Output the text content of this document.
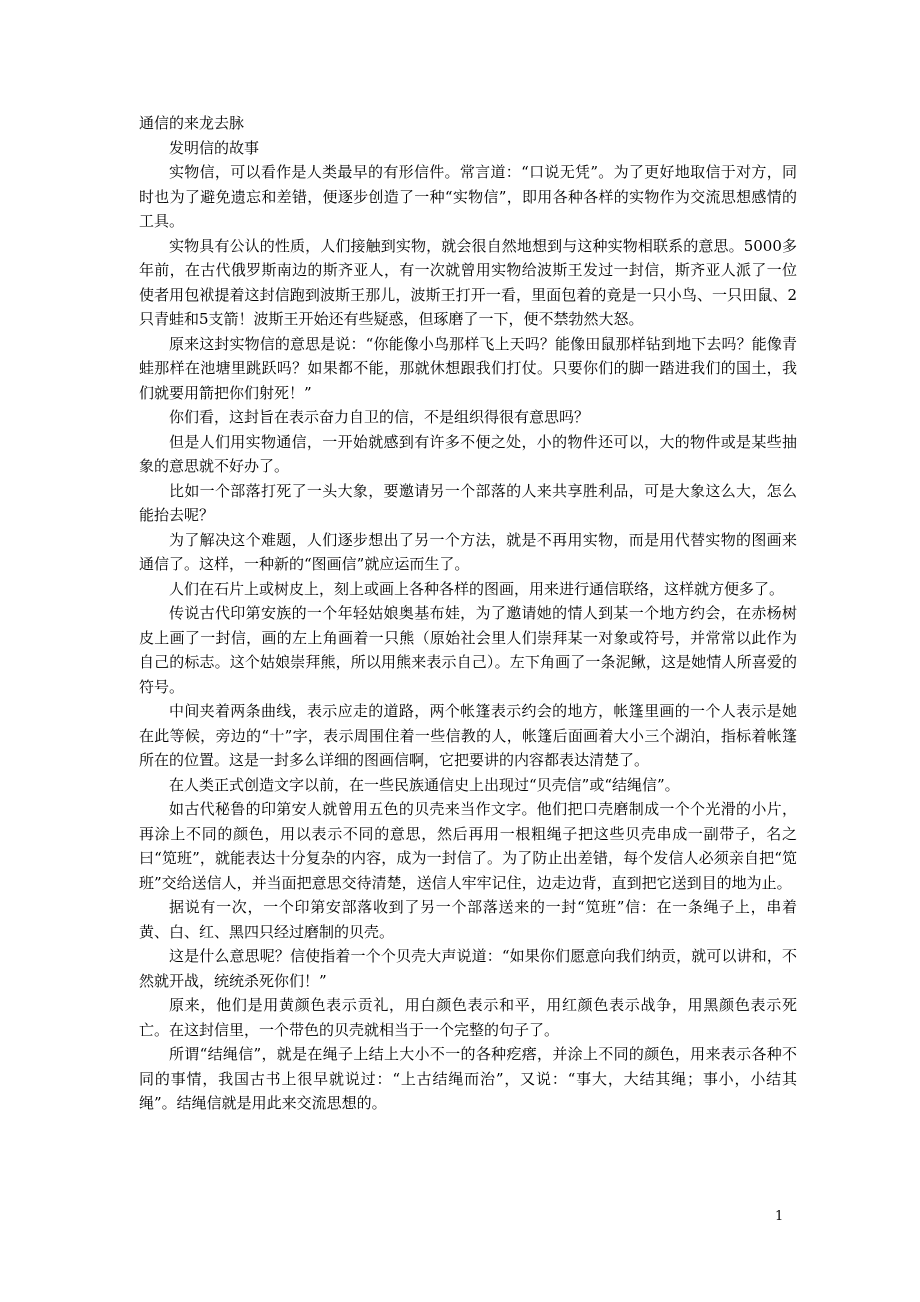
通信的来龙去脉

发明信的故事

实物信，可以看作是人类最早的有形信件。常言道：“口说无凭”。为了更好地取信于对方，同时也为了避免遗忘和差错，便逐步创造了一种“实物信”，即用各种各样的实物作为交流思想感情的工具。

实物具有公认的性质，人们接触到实物，就会很自然地想到与这种实物相联系的意思。5000多年前，在古代俄罗斯南边的斯齐亚人，有一次就曾用实物给波斯王发过一封信，斯齐亚人派了一位使者用包袱提着这封信跑到波斯王那儿，波斯王打开一看，里面包着的竟是一只小鸟、一只田鼠、2只青蛙和5支箭！波斯王开始还有些疑惑，但琢磨了一下，便不禁勃然大怒。

原来这封实物信的意思是说：“你能像小鸟那样飞上天吗？能像田鼠那样钻到地下去吗？能像青蛙那样在池塘里跳跃吗？如果都不能，那就休想跟我们打仗。只要你们的脚一踏进我们的国土，我们就要用箭把你们射死！”

你们看，这封旨在表示奋力自卫的信，不是组织得很有意思吗？

但是人们用实物通信，一开始就感到有许多不便之处，小的物件还可以，大的物件或是某些抽象的意思就不好办了。

比如一个部落打死了一头大象，要邀请另一个部落的人来共享胜利品，可是大象这么大，怎么能抬去呢？

为了解决这个难题，人们逐步想出了另一个方法，就是不再用实物，而是用代替实物的图画来通信了。这样，一种新的“图画信”就应运而生了。

人们在石片上或树皮上，刻上或画上各种各样的图画，用来进行通信联络，这样就方便多了。

传说古代印第安族的一个年轻姑娘奥基布娃，为了邀请她的情人到某一个地方约会，在赤杨树皮上画了一封信，画的左上角画着一只熊（原始社会里人们崇拜某一对象或符号，并常常以此作为自己的标志。这个姑娘崇拜熊，所以用熊来表示自己）。左下角画了一条泥鳅，这是她情人所喜爱的符号。

中间夹着两条曲线，表示应走的道路，两个帐篷表示约会的地方，帐篷里画的一个人表示是她在此等候，旁边的“十”字，表示周围住着一些信教的人，帐篷后面画着大小三个湖泊，指标着帐篷所在的位置。这是一封多么详细的图画信啊，它把要讲的内容都表达清楚了。

在人类正式创造文字以前，在一些民族通信史上出现过“贝壳信”或“结绳信”。

如古代秘鲁的印第安人就曾用五色的贝壳来当作文字。他们把口壳磨制成一个个光滑的小片，再涂上不同的颜色，用以表示不同的意思，然后再用一根粗绳子把这些贝壳串成一副带子，名之曰“笕班”，就能表达十分复杂的内容，成为一封信了。为了防止出差错，每个发信人必须亲自把“笕班”交给送信人，并当面把意思交待清楚，送信人牢牢记住，边走边背，直到把它送到目的地为止。

据说有一次，一个印第安部落收到了另一个部落送来的一封“笕班”信：在一条绳子上，串着黄、白、红、黑四只经过磨制的贝壳。

这是什么意思呢？信使指着一个个贝壳大声说道：“如果你们愿意向我们纳贡，就可以讲和，不然就开战，统统杀死你们！”

原来，他们是用黄颜色表示贡礼，用白颜色表示和平，用红颜色表示战争，用黑颜色表示死亡。在这封信里，一个带色的贝壳就相当于一个完整的句子了。

所谓“结绳信”，就是在绳子上结上大小不一的各种疙瘩，并涂上不同的颜色，用来表示各种不同的事情，我国古书上很早就说过：“上古结绳而治”，又说：“事大，大结其绳；事小，小结其绳”。结绳信就是用此来交流思想的。

1
